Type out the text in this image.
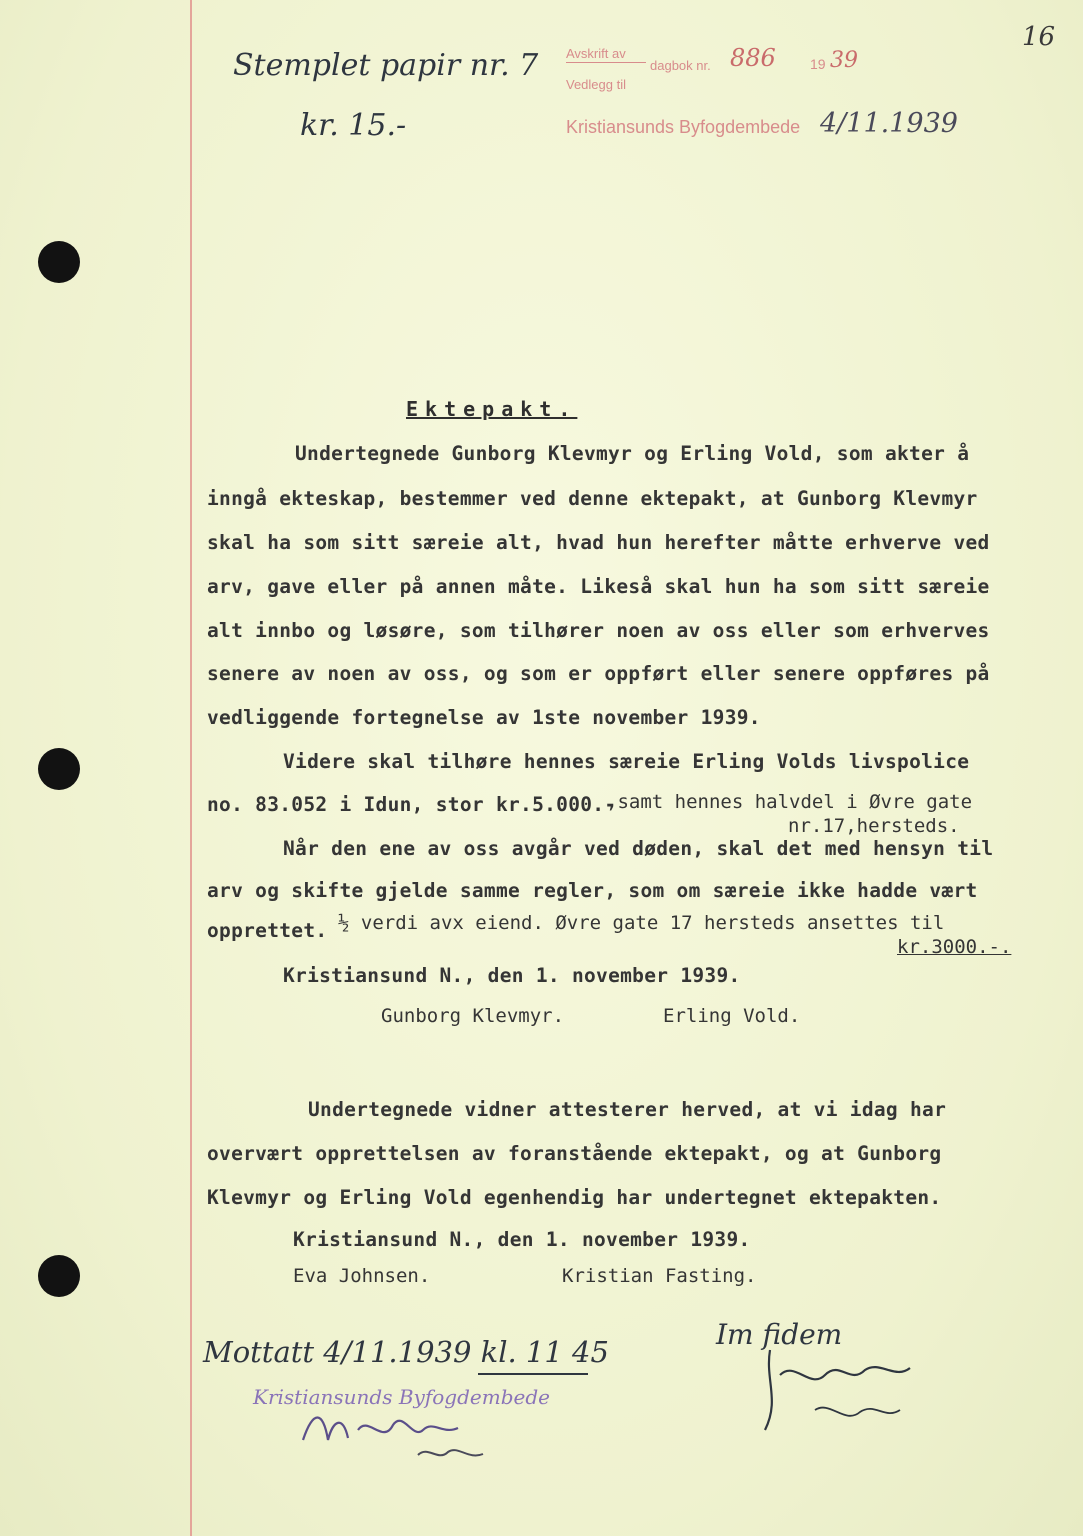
16
Stemplet papir nr. 7
kr. 15.-
Avskrift av
dagbok nr. 886 19 39
Vedlegg til
Kristiansunds Byfogdembede 4/11.1939
Ektepakt.
Undertegnede Gunborg Klevmyr og Erling Vold, som akter å
inngå ekteskap, bestemmer ved denne ektepakt, at Gunborg Klevmyr
skal ha som sitt særeie alt, hvad hun herefter måtte erhverve ved
arv, gave eller på annen måte. Likeså skal hun ha som sitt særeie
alt innbo og løsøre, som tilhører noen av oss eller som erhverves
senere av noen av oss, og som er oppført eller senere oppføres på
vedliggende fortegnelse av 1ste november 1939.
Videre skal tilhøre hennes særeie Erling Volds livspolice
no. 83.052 i Idun, stor kr.5.000.-
,samt hennes halvdel i Øvre gate
nr.17,hersteds.
Når den ene av oss avgår ved døden, skal det med hensyn til
arv og skifte gjelde samme regler, som om særeie ikke hadde vært
opprettet. ½ verdi avx eiend. Øvre gate 17 hersteds ansettes til
kr.3000.-.
Kristiansund N., den 1. november 1939.
Gunborg Klevmyr.	Erling Vold.
Undertegnede vidner attesterer herved, at vi idag har
overvært opprettelsen av foranstående ektepakt, og at Gunborg
Klevmyr og Erling Vold egenhendig har undertegnet ektepakten.
Kristiansund N., den 1. november 1939.
Eva Johnsen.	Kristian Fasting.
Mottatt 4/11.1939 kl. 11 45
Kristiansunds Byfogdembede
Im fidem
